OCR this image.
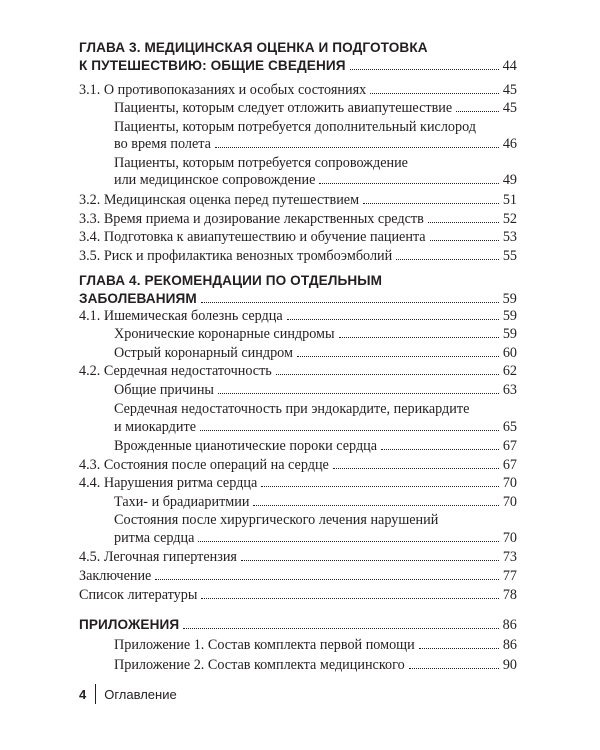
ГЛАВА 3. МЕДИЦИНСКАЯ ОЦЕНКА И ПОДГОТОВКА
К ПУТЕШЕСТВИЮ: ОБЩИЕ СВЕДЕНИЯ	44
3.1. О противопоказаниях и особых состояниях	45
Пациенты, которым следует отложить авиапутешествие	45
Пациенты, которым потребуется дополнительный кислород
во время полета	46
Пациенты, которым потребуется сопровождение
или медицинское сопровождение	49
3.2. Медицинская оценка перед путешествием	51
3.3. Время приема и дозирование лекарственных средств	52
3.4. Подготовка к авиапутешествию и обучение пациента	53
3.5. Риск и профилактика венозных тромбоэмболий	55
ГЛАВА 4. РЕКОМЕНДАЦИИ ПО ОТДЕЛЬНЫМ
ЗАБОЛЕВАНИЯМ	59
4.1. Ишемическая болезнь сердца	59
Хронические коронарные синдромы	59
Острый коронарный синдром	60
4.2. Сердечная недостаточность	62
Общие причины	63
Сердечная недостаточность при эндокардите, перикардите
и миокардите	65
Врожденные цианотические пороки сердца	67
4.3. Состояния после операций на сердце	67
4.4. Нарушения ритма сердца	70
Тахи- и брадиаритмии	70
Состояния после хирургического лечения нарушений
ритма сердца	70
4.5. Легочная гипертензия	73
Заключение	77
Список литературы	78
ПРИЛОЖЕНИЯ	86
Приложение 1. Состав комплекта первой помощи	86
Приложение 2. Состав комплекта медицинского	90
4 Оглавление
